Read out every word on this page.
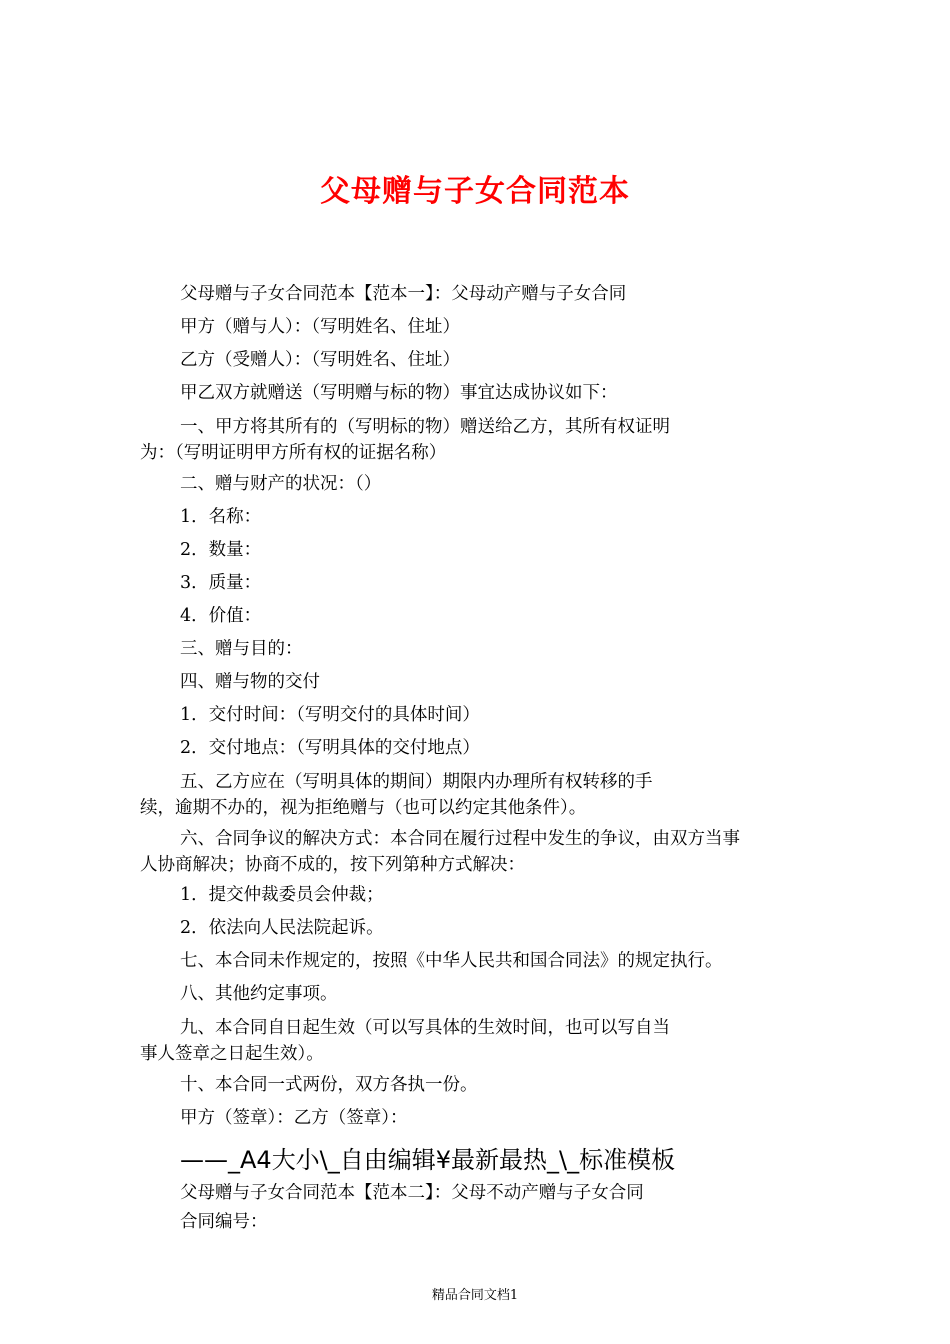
父母赠与子女合同范本
父母赠与子女合同范本【范本一】：父母动产赠与子女合同
甲方（赠与人）：（写明姓名、住址）
乙方（受赠人）：（写明姓名、住址）
甲乙双方就赠送（写明赠与标的物）事宜达成协议如下：
一、甲方将其所有的（写明标的物）赠送给乙方，其所有权证明
为：（写明证明甲方所有权的证据名称）
二、赠与财产的状况：（）
1．名称：
2．数量：
3．质量：
4．价值：
三、赠与目的：
四、赠与物的交付
1．交付时间：（写明交付的具体时间）
2．交付地点：（写明具体的交付地点）
五、乙方应在（写明具体的期间）期限内办理所有权转移的手
续，逾期不办的，视为拒绝赠与（也可以约定其他条件）。
六、合同争议的解决方式：本合同在履行过程中发生的争议，由双方当事
人协商解决；协商不成的，按下列第种方式解决：
1．提交仲裁委员会仲裁；
2．依法向人民法院起诉。
七、本合同未作规定的，按照《中华人民共和国合同法》的规定执行。
八、其他约定事项。
九、本合同自日起生效（可以写具体的生效时间，也可以写自当
事人签章之日起生效）。
十、本合同一式两份，双方各执一份。
甲方（签章）：乙方（签章）：
——_A4大小\_自由编辑¥最新最热_\_标准模板
父母赠与子女合同范本【范本二】：父母不动产赠与子女合同
合同编号：
精品合同文档1
